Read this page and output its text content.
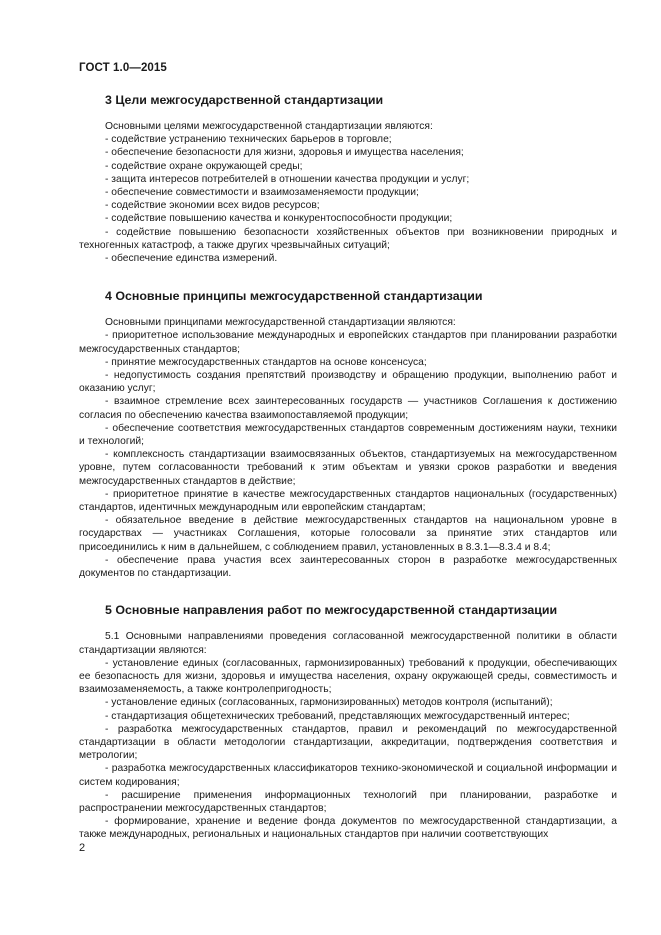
ГОСТ 1.0—2015
3 Цели межгосударственной стандартизации
Основными целями межгосударственной стандартизации являются:
- содействие устранению технических барьеров в торговле;
- обеспечение безопасности для жизни, здоровья и имущества населения;
- содействие охране окружающей среды;
- защита интересов потребителей в отношении качества продукции и услуг;
- обеспечение совместимости и взаимозаменяемости продукции;
- содействие экономии всех видов ресурсов;
- содействие повышению качества и конкурентоспособности продукции;
- содействие повышению безопасности хозяйственных объектов при возникновении природных и техногенных катастроф, а также других чрезвычайных ситуаций;
- обеспечение единства измерений.
4 Основные принципы межгосударственной стандартизации
Основными принципами межгосударственной стандартизации являются:
- приоритетное использование международных и европейских стандартов при планировании разработки межгосударственных стандартов;
- принятие межгосударственных стандартов на основе консенсуса;
- недопустимость создания препятствий производству и обращению продукции, выполнению работ и оказанию услуг;
- взаимное стремление всех заинтересованных государств — участников Соглашения к достижению согласия по обеспечению качества взаимопоставляемой продукции;
- обеспечение соответствия межгосударственных стандартов современным достижениям науки, техники и технологий;
- комплексность стандартизации взаимосвязанных объектов, стандартизуемых на межгосударственном уровне, путем согласованности требований к этим объектам и увязки сроков разработки и введения межгосударственных стандартов в действие;
- приоритетное принятие в качестве межгосударственных стандартов национальных (государственных) стандартов, идентичных международным или европейским стандартам;
- обязательное введение в действие межгосударственных стандартов на национальном уровне в государствах — участниках Соглашения, которые голосовали за принятие этих стандартов или присоединились к ним в дальнейшем, с соблюдением правил, установленных в 8.3.1—8.3.4 и 8.4;
- обеспечение права участия всех заинтересованных сторон в разработке межгосударственных документов по стандартизации.
5 Основные направления работ по межгосударственной стандартизации
5.1 Основными направлениями проведения согласованной межгосударственной политики в области стандартизации являются:
- установление единых (согласованных, гармонизированных) требований к продукции, обеспечивающих ее безопасность для жизни, здоровья и имущества населения, охрану окружающей среды, совместимость и взаимозаменяемость, а также контролепригодность;
- установление единых (согласованных, гармонизированных) методов контроля (испытаний);
- стандартизация общетехнических требований, представляющих межгосударственный интерес;
- разработка межгосударственных стандартов, правил и рекомендаций по межгосударственной стандартизации в области методологии стандартизации, аккредитации, подтверждения соответствия и метрологии;
- разработка межгосударственных классификаторов технико-экономической и социальной информации и систем кодирования;
- расширение применения информационных технологий при планировании, разработке и распространении межгосударственных стандартов;
- формирование, хранение и ведение фонда документов по межгосударственной стандартизации, а также международных, региональных и национальных стандартов при наличии соответствующих
2
